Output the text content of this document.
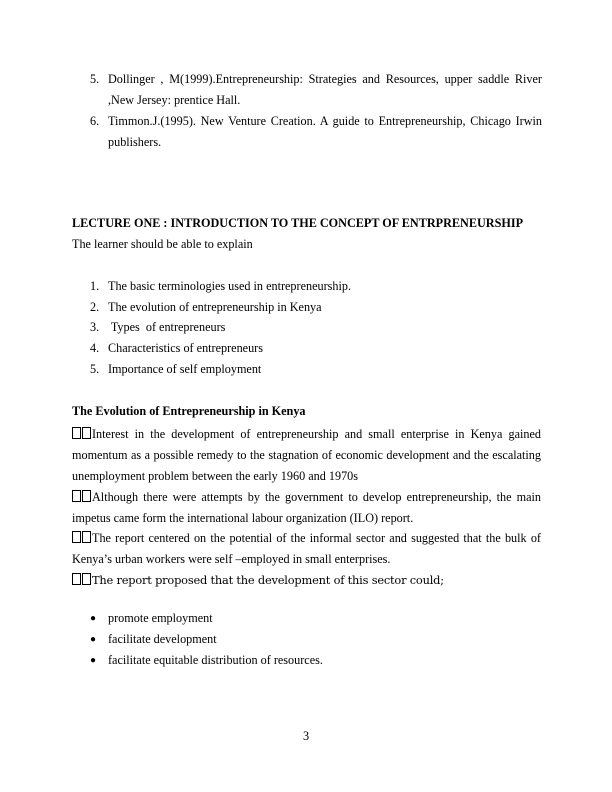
5. Dollinger , M(1999).Entrepreneurship: Strategies and Resources, upper saddle River ,New Jersey: prentice Hall.
6. Timmon.J.(1995). New Venture Creation. A guide to Entrepreneurship, Chicago Irwin publishers.
LECTURE ONE : INTRODUCTION TO THE CONCEPT OF ENTRPRENEURSHIP
The learner should be able to explain
1. The basic terminologies used in entrepreneurship.
2. The evolution of entrepreneurship in Kenya
3. Types  of entrepreneurs
4. Characteristics of entrepreneurs
5. Importance of self employment
The Evolution of Entrepreneurship in Kenya
Interest in the development of entrepreneurship and small enterprise in Kenya gained momentum as a possible remedy to the stagnation of economic development and the escalating unemployment problem between the early 1960 and 1970s
Although there were attempts by the government to develop entrepreneurship, the main impetus came form the international labour organization (ILO) report.
The report centered on the potential of the informal sector and suggested that the bulk of Kenya’s urban workers were self –employed in small enterprises.
The report proposed that the development of this sector could;
● promote employment
● facilitate development
● facilitate equitable distribution of resources.
3
